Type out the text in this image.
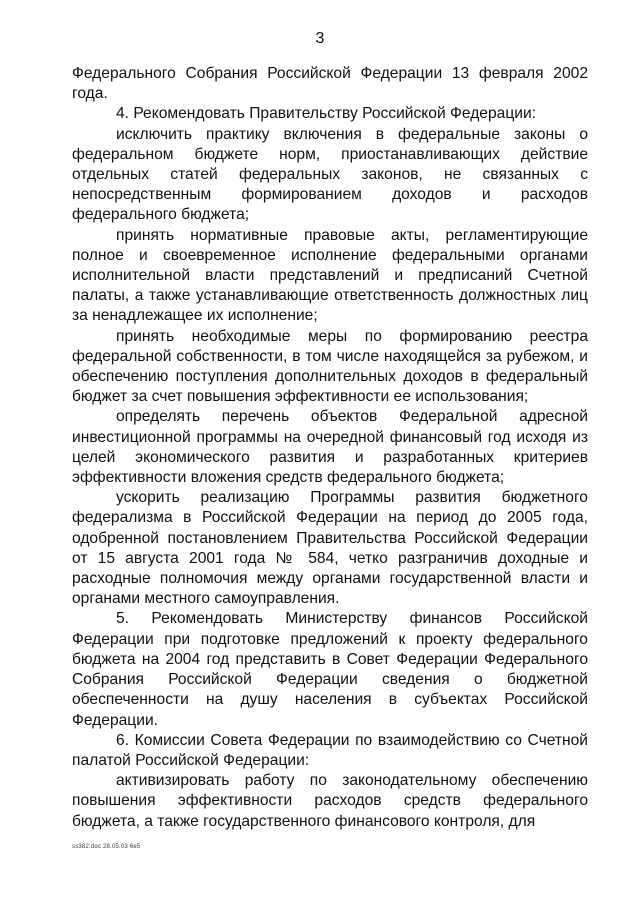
3

Федерального Собрания Российской Федерации 13 февраля 2002 года.

4. Рекомендовать Правительству Российской Федерации:

исключить практику включения в федеральные законы о федеральном бюджете норм, приостанавливающих действие отдельных статей федеральных законов, не связанных с непосредственным формированием доходов и расходов федерального бюджета;

принять нормативные правовые акты, регламентирующие полное и своевременное исполнение федеральными органами исполнительной власти представлений и предписаний Счетной палаты, а также устанавливающие ответственность должностных лиц за ненадлежащее их исполнение;

принять необходимые меры по формированию реестра федеральной собственности, в том числе находящейся за рубежом, и обеспечению поступления дополнительных доходов в федеральный бюджет за счет повышения эффективности ее использования;

определять перечень объектов Федеральной адресной инвестиционной программы на очередной финансовый год исходя из целей экономического развития и разработанных критериев эффективности вложения средств федерального бюджета;

ускорить реализацию Программы развития бюджетного федерализма в Российской Федерации на период до 2005 года, одобренной постановлением Правительства Российской Федерации от 15 августа 2001 года № 584, четко разграничив доходные и расходные полномочия между органами государственной власти и органами местного самоуправления.

5. Рекомендовать Министерству финансов Российской Федерации при подготовке предложений к проекту федерального бюджета на 2004 год представить в Совет Федерации Федерального Собрания Российской Федерации сведения о бюджетной обеспеченности на душу населения в субъектах Российской Федерации.

6. Комиссии Совета Федерации по взаимодействию со Счетной палатой Российской Федерации:

активизировать работу по законодательному обеспечению повышения эффективности расходов средств федерального бюджета, а также государственного финансового контроля, для

ss382.doc 28.05.03 6e5
